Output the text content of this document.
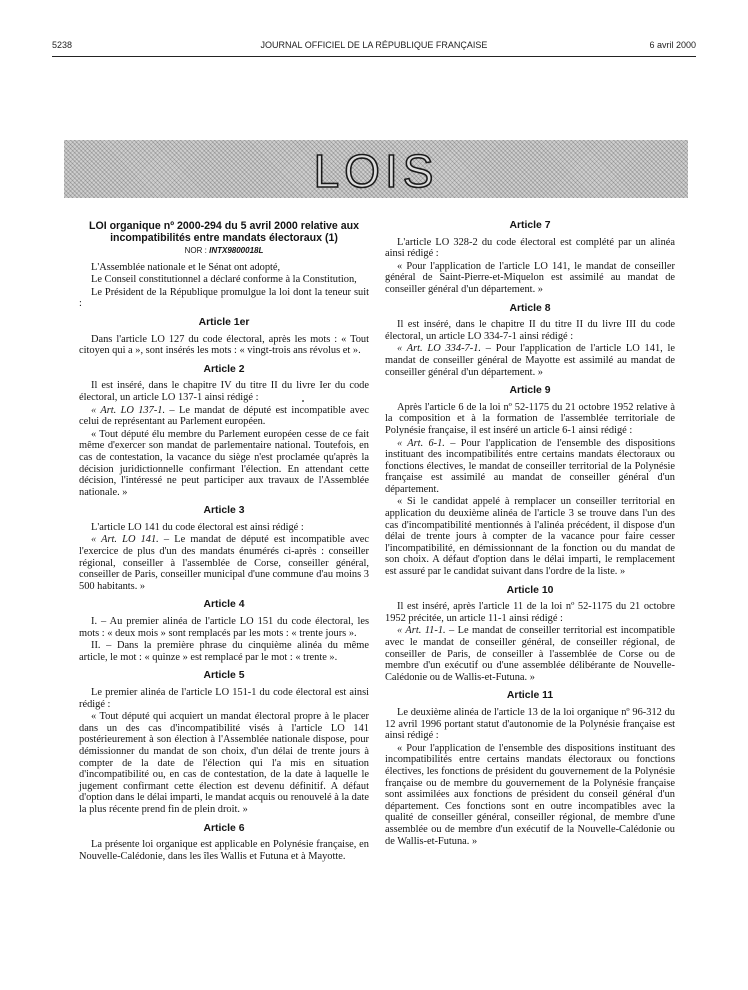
5238	JOURNAL OFFICIEL DE LA RÉPUBLIQUE FRANÇAISE	6 avril 2000
LOIS
LOI organique nº 2000-294 du 5 avril 2000 relative aux incompatibilités entre mandats électoraux (1)
NOR : INTX9800018L

L'Assemblée nationale et le Sénat ont adopté,

Le Conseil constitutionnel a déclaré conforme à la Constitution,

Le Président de la République promulgue la loi dont la teneur suit :

Article 1er

Dans l'article LO 127 du code électoral, après les mots : « Tout citoyen qui a », sont insérés les mots : « vingt-trois ans révolus et ».

Article 2

Il est inséré, dans le chapitre IV du titre II du livre Ier du code électoral, un article LO 137-1 ainsi rédigé :

« Art. LO 137-1. – Le mandat de député est incompatible avec celui de représentant au Parlement européen.

« Tout député élu membre du Parlement européen cesse de ce fait même d'exercer son mandat de parlementaire national. Toutefois, en cas de contestation, la vacance du siège n'est proclamée qu'après la décision juridictionnelle confirmant l'élection. En attendant cette décision, l'intéressé ne peut participer aux travaux de l'Assemblée nationale. »

Article 3

L'article LO 141 du code électoral est ainsi rédigé :

« Art. LO 141. – Le mandat de député est incompatible avec l'exercice de plus d'un des mandats énumérés ci-après : conseiller régional, conseiller à l'assemblée de Corse, conseiller général, conseiller de Paris, conseiller municipal d'une commune d'au moins 3 500 habitants. »

Article 4

I. – Au premier alinéa de l'article LO 151 du code électoral, les mots : « deux mois » sont remplacés par les mots : « trente jours ».

II. – Dans la première phrase du cinquième alinéa du même article, le mot : « quinze » est remplacé par le mot : « trente ».

Article 5

Le premier alinéa de l'article LO 151-1 du code électoral est ainsi rédigé :

« Tout député qui acquiert un mandat électoral propre à le placer dans un des cas d'incompatibilité visés à l'article LO 141 postérieurement à son élection à l'Assemblée nationale dispose, pour démissionner du mandat de son choix, d'un délai de trente jours à compter de la date de l'élection qui l'a mis en situation d'incompatibilité ou, en cas de contestation, de la date à laquelle le jugement confirmant cette élection est devenu définitif. A défaut d'option dans le délai imparti, le mandat acquis ou renouvelé à la date la plus récente prend fin de plein droit. »

Article 6

La présente loi organique est applicable en Polynésie française, en Nouvelle-Calédonie, dans les îles Wallis et Futuna et à Mayotte.

Article 7

L'article LO 328-2 du code électoral est complété par un alinéa ainsi rédigé :

« Pour l'application de l'article LO 141, le mandat de conseiller général de Saint-Pierre-et-Miquelon est assimilé au mandat de conseiller général d'un département. »

Article 8

Il est inséré, dans le chapitre II du titre II du livre III du code électoral, un article LO 334-7-1 ainsi rédigé :

« Art. LO 334-7-1. – Pour l'application de l'article LO 141, le mandat de conseiller général de Mayotte est assimilé au mandat de conseiller général d'un département. »

Article 9

Après l'article 6 de la loi nº 52-1175 du 21 octobre 1952 relative à la composition et à la formation de l'assemblée territoriale de Polynésie française, il est inséré un article 6-1 ainsi rédigé :

« Art. 6-1. – Pour l'application de l'ensemble des dispositions instituant des incompatibilités entre certains mandats électoraux ou fonctions électives, le mandat de conseiller territorial de la Polynésie française est assimilé au mandat de conseiller général d'un département.

« Si le candidat appelé à remplacer un conseiller territorial en application du deuxième alinéa de l'article 3 se trouve dans l'un des cas d'incompatibilité mentionnés à l'alinéa précédent, il dispose d'un délai de trente jours à compter de la vacance pour faire cesser l'incompatibilité, en démissionnant de la fonction ou du mandat de son choix. A défaut d'option dans le délai imparti, le remplacement est assuré par le candidat suivant dans l'ordre de la liste. »

Article 10

Il est inséré, après l'article 11 de la loi nº 52-1175 du 21 octobre 1952 précitée, un article 11-1 ainsi rédigé :

« Art. 11-1. – Le mandat de conseiller territorial est incompatible avec le mandat de conseiller général, de conseiller régional, de conseiller de Paris, de conseiller à l'assemblée de Corse ou de membre d'un exécutif ou d'une assemblée délibérante de Nouvelle-Calédonie ou de Wallis-et-Futuna. »

Article 11

Le deuxième alinéa de l'article 13 de la loi organique nº 96-312 du 12 avril 1996 portant statut d'autonomie de la Polynésie française est ainsi rédigé :

« Pour l'application de l'ensemble des dispositions instituant des incompatibilités entre certains mandats électoraux ou fonctions électives, les fonctions de président du gouvernement de la Polynésie française ou de membre du gouvernement de la Polynésie française sont assimilées aux fonctions de président du conseil général d'un département. Ces fonctions sont en outre incompatibles avec la qualité de conseiller général, conseiller régional, de membre d'une assemblée ou de membre d'un exécutif de la Nouvelle-Calédonie ou de Wallis-et-Futuna. »
